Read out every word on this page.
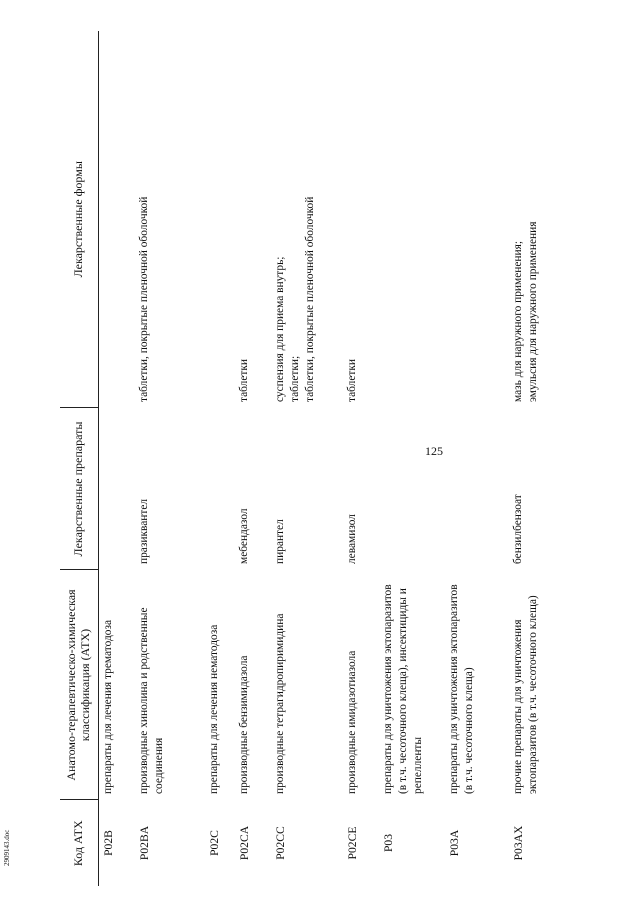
125
2909143.doc	Код АТХ	Анатомо-терапевтическо-химическая классификация (АТХ)	Лекарственные препараты	Лекарственные формы

P02B	препараты для лечения трематодоза		

P02BA	производные хинолина и родственные соединения	празиквантел	таблетки, покрытые пленочной оболочкой

P02C	препараты для лечения нематодоза		

P02CA	производные бензимидазола	мебендазол	таблетки

P02CC	производные тетрагидропиримидина	пирантел	суспензия для приема внутрь;
таблетки;
таблетки, покрытые пленочной оболочкой

P02CE	производные имидазотиазола	левамизол	таблетки

P03	препараты для уничтожения эктопаразитов (в т.ч. чесоточного клеща), инсектициды и репелленты		

P03A	препараты для уничтожения эктопаразитов (в т.ч. чесоточного клеща)		

P03AX	прочие препараты для уничтожения эктопаразитов (в т.ч. чесоточного клеща)	бензилбензоат	мазь для наружного применения;
эмульсия для наружного применения
